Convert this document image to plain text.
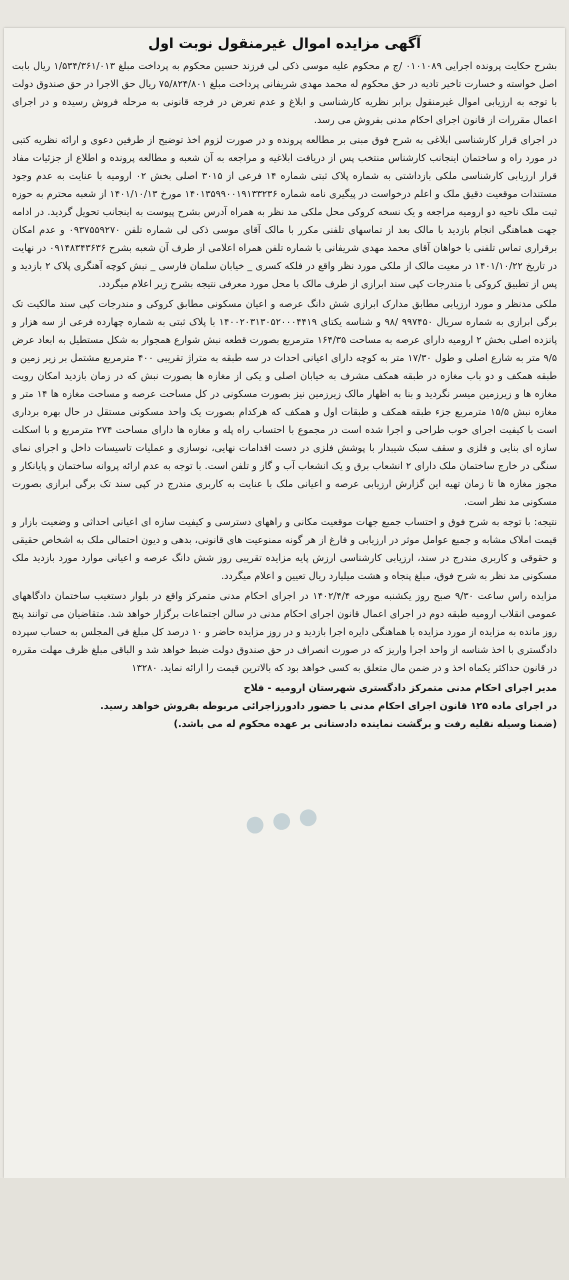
آگهی مزایده اموال غیرمنقول نوبت اول
● ● ●

بشرح حکایت پرونده اجرایی ۰۱۰۱۰۸۹ /ج م محکوم علیه موسی ذکی لی فرزند حسین محکوم به پرداخت مبلغ ۱/۵۳۴/۳۶۱/۰۱۳ ریال بابت اصل خواسته و خسارت تاخیر تادیه در حق محکوم له محمد مهدی شریفانی پرداخت مبلغ ۷۵/۸۲۴/۸۰۱ ریال حق الاجرا در حق صندوق دولت با توجه به ارزیابی اموال غیرمنقول برابر نظریه کارشناسی و ابلاغ و عدم تعرض در فرجه قانونی به مرحله فروش رسیده و در اجرای اعمال مقررات از قانون اجرای احکام مدنی بفروش می رسد.

در اجرای قرار کارشناسی ابلاغی به شرح فوق مبنی بر مطالعه پرونده و در صورت لزوم اخذ توضیح از طرفین دعوی و ارائه نظریه کتبی در مورد راه و ساختمان اینجانب کارشناس منتخب پس از دریافت ابلاغیه و مراجعه به آن شعبه و مطالعه پرونده و اطلاع از جزئیات مفاد قرار ارزیابی کارشناسی ملکی بازداشتی به شماره پلاک ثبتی شماره ۱۴ فرعی از ۳۰۱۵ اصلی بخش ۰۲ ارومیه با عنایت به عدم وجود مستندات موقعیت دقیق ملک و اعلم درخواست در پیگیری نامه شماره ۱۴۰۱۳۵۹۹۰۰۱۹۱۳۳۲۳۶ مورخ ۱۴۰۱/۱۰/۱۳ از شعبه محترم به حوزه ثبت ملک ناحیه دو ارومیه مراجعه و یک نسخه کروکی محل ملکی مد نظر به همراه آدرس بشرح پیوست به اینجانب تحویل گردید. در ادامه جهت هماهنگی انجام بازدید با مالک بعد از تماسهای تلفنی مکرر با مالک آقای موسی ذکی لی شماره تلفن ۰۹۳۷۵۵۹۲۷۰ و عدم امکان برقراری تماس تلفنی با خواهان آقای محمد مهدی شریفانی با شماره تلفن همراه اعلامی از طرف آن شعبه بشرح ۰۹۱۴۸۳۴۳۶۳۶ در نهایت در تاریخ ۱۴۰۱/۱۰/۲۲ در معیت مالک از ملکی مورد نظر واقع در فلکه کسری _ خیابان سلمان فارسی _ نبش کوچه آهنگری پلاک ۲ بازدید و پس از تطبیق کروکی با مندرجات کپی سند ابرازی از طرف مالک با محل مورد معرفی نتیجه بشرح زیر اعلام میگردد.

ملکی مدنظر و مورد ارزیابی مطابق مدارک ابرازی شش دانگ عرصه و اعیان مسکونی مطابق کروکی و مندرجات کپی سند مالکیت تک برگی ابرازی به شماره سریال ۹۹۷۴۵۰ /۹۸ و شناسه یکتای ۱۴۰۰۲۰۳۱۳۰۵۲۰۰۰۴۴۱۹ با پلاک ثبتی به شماره چهارده فرعی از سه هزار و پانزده اصلی بخش ۲ ارومیه دارای عرصه به مساحت ۱۶۴/۳۵ مترمربع بصورت قطعه نبش شوارع همجوار به شکل مستطیل به ابعاد عرض ۹/۵ متر به شارع اصلی و طول ۱۷/۳۰ متر به کوچه دارای اعیانی احداث در سه طبقه به متراژ تقریبی ۴۰۰ مترمربع مشتمل بر زیر زمین و طبقه همکف و دو باب مغازه در طبقه همکف مشرف به خیابان اصلی و یکی از مغازه ها بصورت نبش که در زمان بازدید امکان رویت مغازه ها و زیرزمین میسر نگردید و بنا به اظهار مالک زیرزمین نیز بصورت مسکونی در کل مساحت عرصه و مساحت مغازه ها ۱۴ متر و مغازه نبش ۱۵/۵ مترمربع جزء طبقه همکف و طبقات اول و همکف که هرکدام بصورت یک واحد مسکونی مستقل در حال بهره برداری است با کیفیت اجرای خوب طراحی و اجرا شده است در مجموع با احتساب راه پله و مغازه ها دارای مساحت ۲۷۴ مترمربع و با اسکلت سازه ای بنایی و فلزی و سقف سبک شیبدار با پوشش فلزی در دست اقدامات نهایی، نوسازی و عملیات تاسیسات داخل و اجرای نمای سنگی در خارج ساختمان ملک دارای ۲ انشعاب برق و یک انشعاب آب و گاز و تلفن است. با توجه به عدم ارائه پروانه ساختمان و پایانکار و مجوز مغازه ها تا زمان تهیه این گزارش ارزیابی عرصه و اعیانی ملک با عنایت به کاربری مندرج در کپی سند تک برگی ابرازی بصورت مسکونی مد نظر است.

نتیجه: با توجه به شرح فوق و احتساب جمیع جهات موقعیت مکانی و راههای دسترسی و کیفیت سازه ای اعیانی احداثی و وضعیت بازار و قیمت املاک مشابه و جمیع عوامل موثر در ارزیابی و فارغ از هر گونه ممنوعیت های قانونی، بدهی و دیون احتمالی ملک به اشخاص حقیقی و حقوقی و کاربری مندرج در سند، ارزیابی کارشناسی ارزش پایه مزایده تقریبی روز شش دانگ عرصه و اعیانی موارد مورد بازدید ملک مسکونی مد نظر به شرح فوق، مبلغ پنجاه و هشت میلیارد ریال تعیین و اعلام میگردد.

مزایده راس ساعت ۹/۳۰ صبح روز یکشنبه مورخه ۱۴۰۲/۴/۴ در اجرای احکام مدنی متمرکز واقع در بلوار دستغیب ساختمان دادگاههای عمومی انقلاب ارومیه طبقه دوم در اجرای اعمال قانون اجرای احکام مدنی در سالن اجتماعات برگزار خواهد شد. متقاضیان می توانند پنج روز مانده به مزایده از مورد مزایده با هماهنگی دایره اجرا بازدید و در روز مزایده حاضر و ۱۰ درصد کل مبلغ فی المجلس به حساب سپرده دادگستری با اخذ شناسه از واحد اجرا واریز که در صورت انصراف در حق صندوق دولت ضبط خواهد شد و الباقی مبلغ ظرف مهلت مقرره در قانون حداکثر یکماه اخذ و در ضمن مال متعلق به کسی خواهد بود که بالاترین قیمت را ارائه نماید. ۱۳۲۸۰

مدیر اجرای احکام مدنی متمرکز دادگستری شهرستان ارومیه - فلاح

در اجرای ماده ۱۲۵ قانون اجرای احکام مدنی با حضور دادورزاجرائی مربوطه بفروش خواهد رسید.

(ضمنا وسیله نقلیه رفت و برگشت نماینده دادستانی بر عهده محکوم له می باشد.)
